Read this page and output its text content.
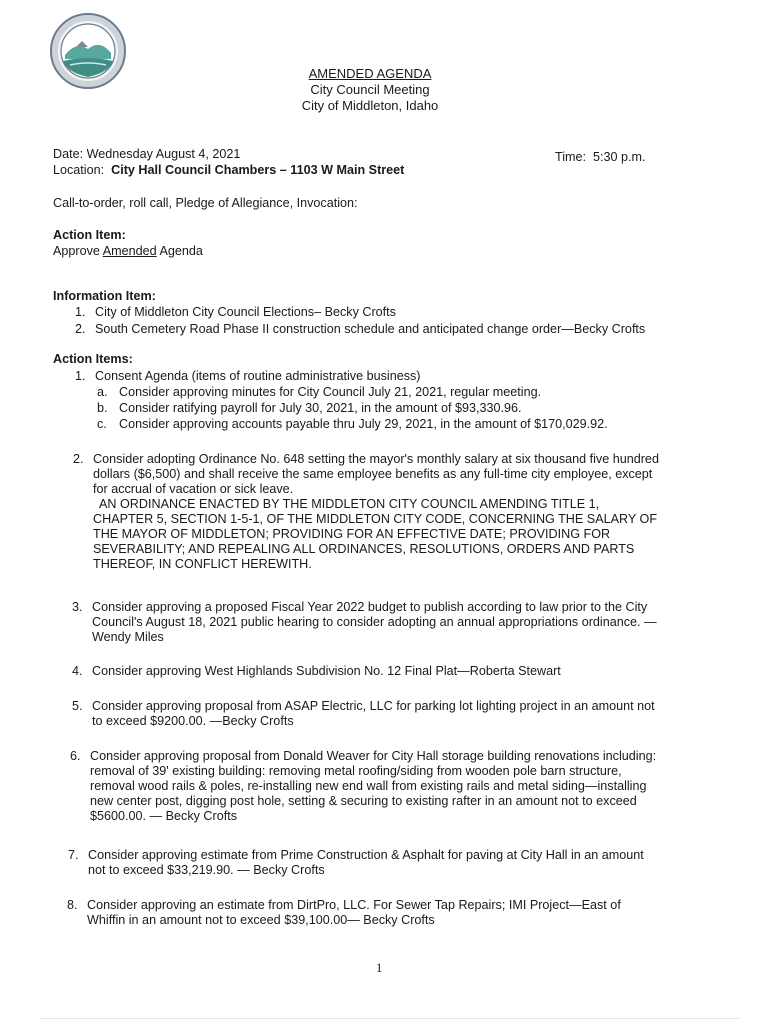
AMENDED AGENDA
City Council Meeting
City of Middleton, Idaho
Date: Wednesday August 4, 2021	Time: 5:30 p.m.
Location: City Hall Council Chambers – 1103 W Main Street
Call-to-order, roll call, Pledge of Allegiance, Invocation:
Action Item:
Approve Amended Agenda
Information Item:
1. City of Middleton City Council Elections– Becky Crofts
2. South Cemetery Road Phase II construction schedule and anticipated change order—Becky Crofts
Action Items:
1. Consent Agenda (items of routine administrative business)
a. Consider approving minutes for City Council July 21, 2021, regular meeting.
b. Consider ratifying payroll for July 30, 2021, in the amount of $93,330.96.
c. Consider approving accounts payable thru July 29, 2021, in the amount of $170,029.92.
2. Consider adopting Ordinance No. 648 setting the mayor's monthly salary at six thousand five hundred
dollars ($6,500) and shall receive the same employee benefits as any full-time city employee, except
for accrual of vacation or sick leave.
AN ORDINANCE ENACTED BY THE MIDDLETON CITY COUNCIL AMENDING TITLE 1,
CHAPTER 5, SECTION 1-5-1, OF THE MIDDLETON CITY CODE, CONCERNING THE SALARY OF
THE MAYOR OF MIDDLETON; PROVIDING FOR AN EFFECTIVE DATE; PROVIDING FOR
SEVERABILITY; AND REPEALING ALL ORDINANCES, RESOLUTIONS, ORDERS AND PARTS
THEREOF, IN CONFLICT HEREWITH.
3. Consider approving a proposed Fiscal Year 2022 budget to publish according to law prior to the City
Council's August 18, 2021 public hearing to consider adopting an annual appropriations ordinance. —
Wendy Miles
4. Consider approving West Highlands Subdivision No. 12 Final Plat—Roberta Stewart
5. Consider approving proposal from ASAP Electric, LLC for parking lot lighting project in an amount not
to exceed $9200.00. —Becky Crofts
6. Consider approving proposal from Donald Weaver for City Hall storage building renovations including:
removal of 39' existing building: removing metal roofing/siding from wooden pole barn structure,
removal wood rails & poles, re-installing new end wall from existing rails and metal siding—installing
new center post, digging post hole, setting & securing to existing rafter in an amount not to exceed
$5600.00. — Becky Crofts
7. Consider approving estimate from Prime Construction & Asphalt for paving at City Hall in an amount
not to exceed $33,219.90. — Becky Crofts
8. Consider approving an estimate from DirtPro, LLC. For Sewer Tap Repairs; IMI Project—East of
Whiffin in an amount not to exceed $39,100.00— Becky Crofts
1
